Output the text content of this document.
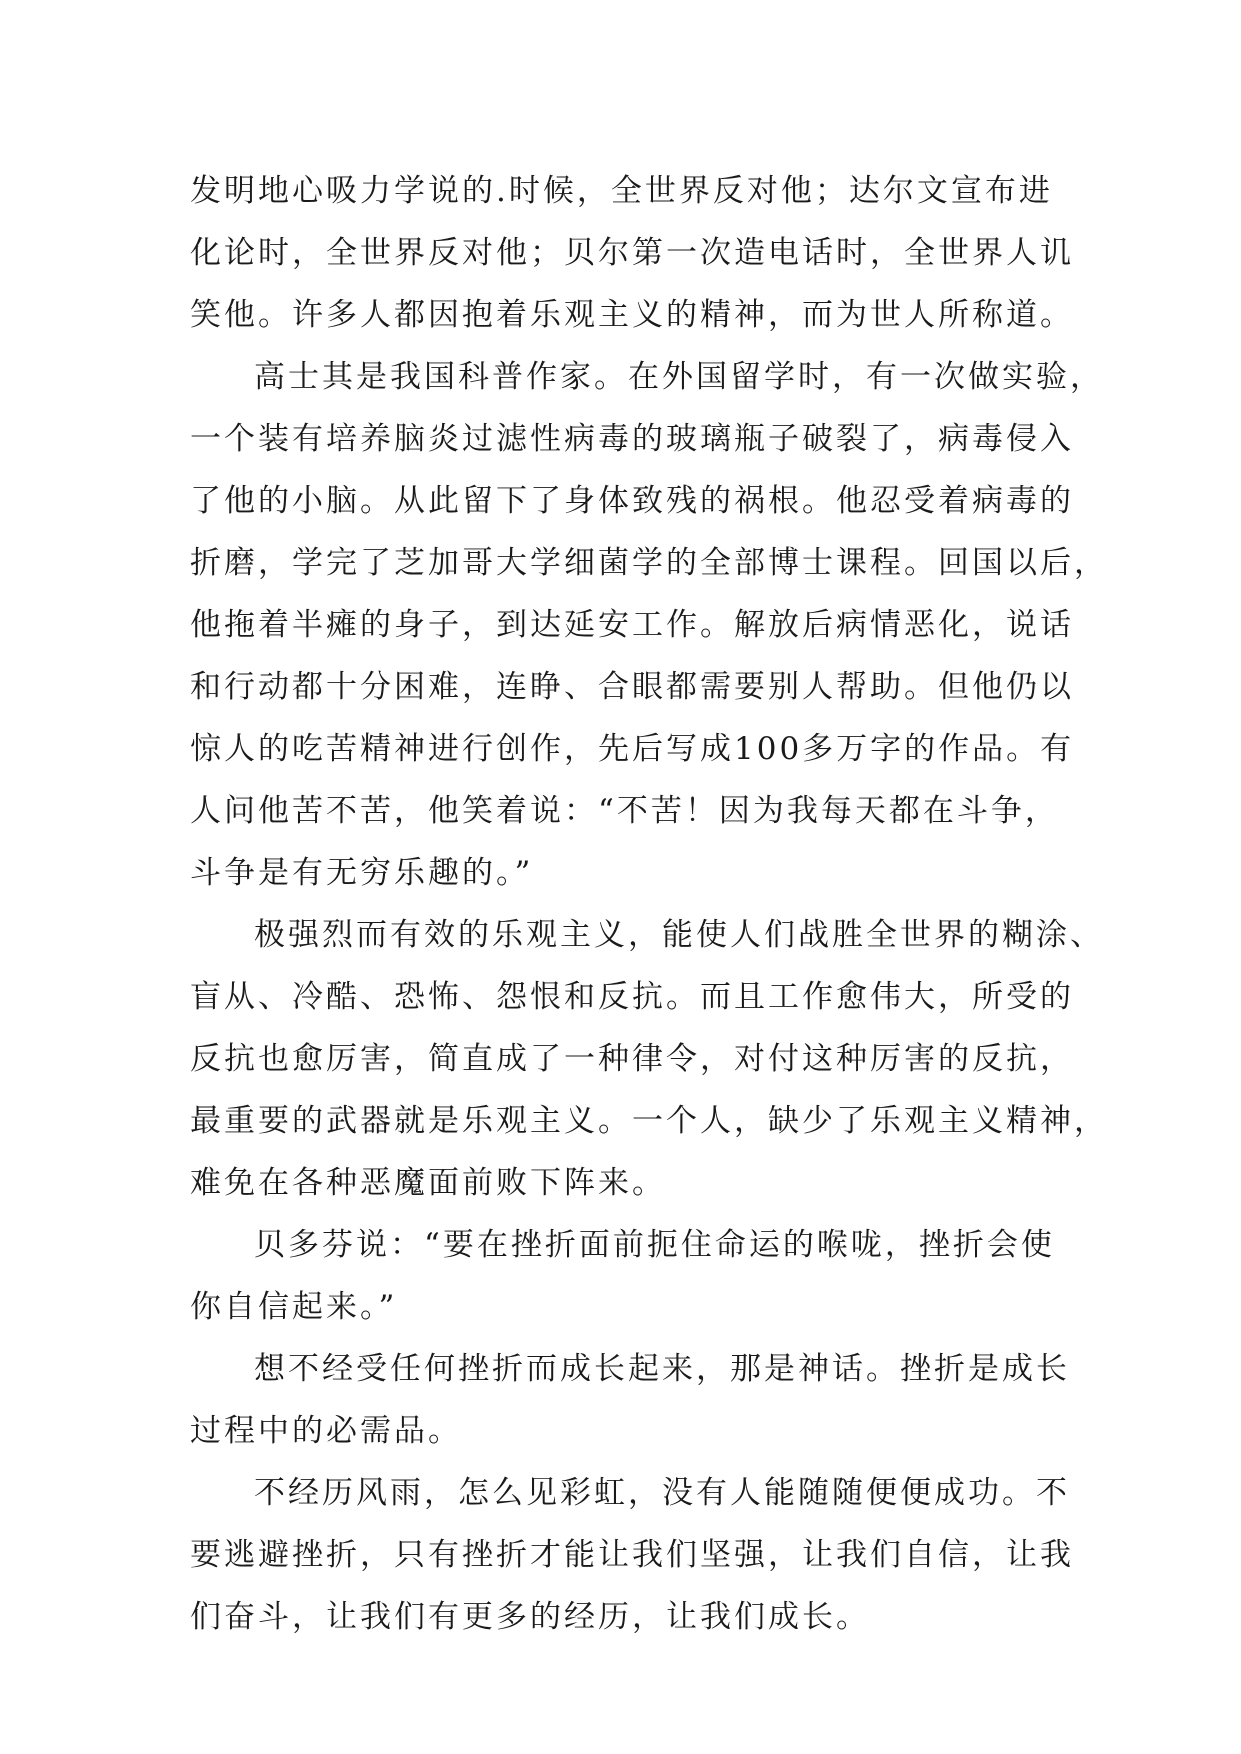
发明地心吸力学说的.时候，全世界反对他；达尔文宣布进
化论时，全世界反对他；贝尔第一次造电话时，全世界人讥
笑他。许多人都因抱着乐观主义的精神，而为世人所称道。
高士其是我国科普作家。在外国留学时，有一次做实验，
一个装有培养脑炎过滤性病毒的玻璃瓶子破裂了，病毒侵入
了他的小脑。从此留下了身体致残的祸根。他忍受着病毒的
折磨，学完了芝加哥大学细菌学的全部博士课程。回国以后，
他拖着半瘫的身子，到达延安工作。解放后病情恶化，说话
和行动都十分困难，连睁、合眼都需要别人帮助。但他仍以
惊人的吃苦精神进行创作，先后写成100多万字的作品。有
人问他苦不苦，他笑着说：“不苦！因为我每天都在斗争，
斗争是有无穷乐趣的。”
极强烈而有效的乐观主义，能使人们战胜全世界的糊涂、
盲从、冷酷、恐怖、怨恨和反抗。而且工作愈伟大，所受的
反抗也愈厉害，简直成了一种律令，对付这种厉害的反抗，
最重要的武器就是乐观主义。一个人，缺少了乐观主义精神，
难免在各种恶魔面前败下阵来。
贝多芬说：“要在挫折面前扼住命运的喉咙，挫折会使
你自信起来。”
想不经受任何挫折而成长起来，那是神话。挫折是成长
过程中的必需品。
不经历风雨，怎么见彩虹，没有人能随随便便成功。不
要逃避挫折，只有挫折才能让我们坚强，让我们自信，让我
们奋斗，让我们有更多的经历，让我们成长。
